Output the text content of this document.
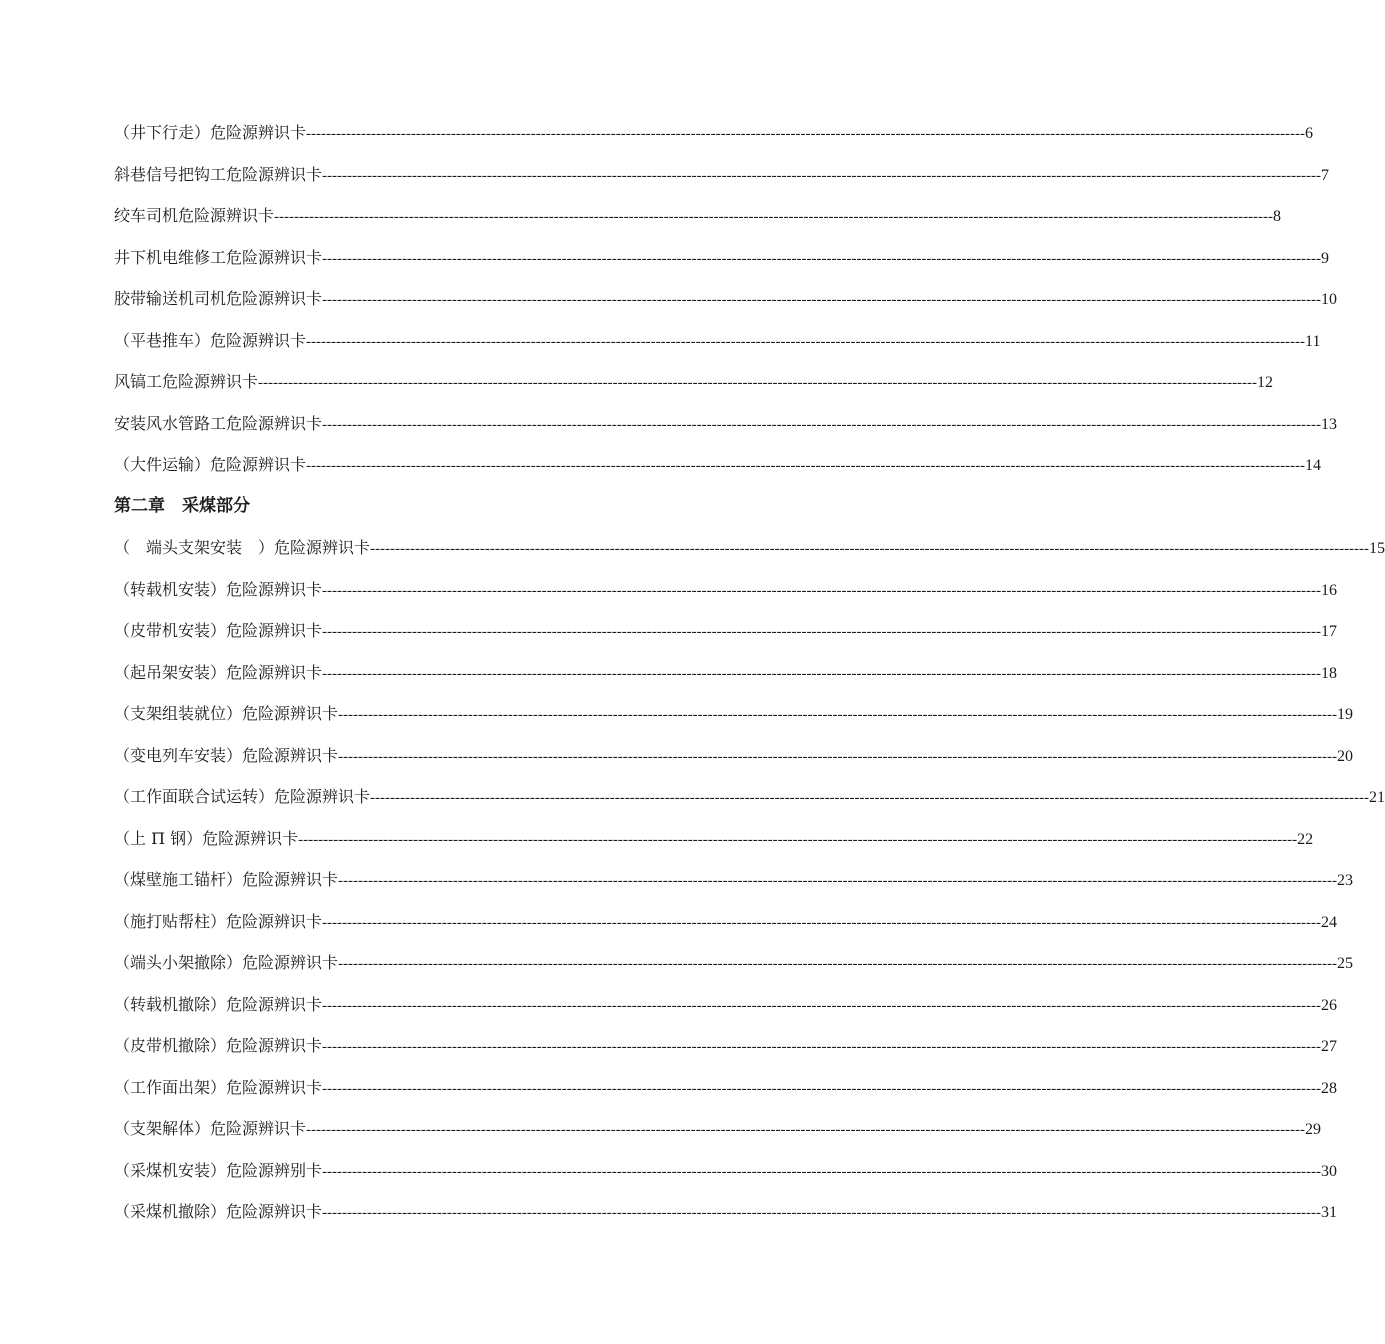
（井下行走）危险源辨识卡 -------------------------------------------------------------------------------------------------------------------------------------------------------------------------------------------------------- 6
斜巷信号把钩工危险源辨识卡 -------------------------------------------------------------------------------------------------------------------------------------------------------------------------------------------------------- 7
绞车司机危险源辨识卡 -------------------------------------------------------------------------------------------------------------------------------------------------------------------------------------------------------- 8
井下机电维修工危险源辨识卡 -------------------------------------------------------------------------------------------------------------------------------------------------------------------------------------------------------- 9
胶带输送机司机危险源辨识卡 -------------------------------------------------------------------------------------------------------------------------------------------------------------------------------------------------------- 10
（平巷推车）危险源辨识卡 -------------------------------------------------------------------------------------------------------------------------------------------------------------------------------------------------------- 11
风镐工危险源辨识卡 -------------------------------------------------------------------------------------------------------------------------------------------------------------------------------------------------------- 12
安装风水管路工危险源辨识卡 -------------------------------------------------------------------------------------------------------------------------------------------------------------------------------------------------------- 13
（大件运输）危险源辨识卡 -------------------------------------------------------------------------------------------------------------------------------------------------------------------------------------------------------- 14
第二章　采煤部分
（　端头支架安装　）危险源辨识卡 -------------------------------------------------------------------------------------------------------------------------------------------------------------------------------------------------------- 15
（转载机安装）危险源辨识卡 -------------------------------------------------------------------------------------------------------------------------------------------------------------------------------------------------------- 16
（皮带机安装）危险源辨识卡 -------------------------------------------------------------------------------------------------------------------------------------------------------------------------------------------------------- 17
（起吊架安装）危险源辨识卡 -------------------------------------------------------------------------------------------------------------------------------------------------------------------------------------------------------- 18
（支架组装就位）危险源辨识卡 -------------------------------------------------------------------------------------------------------------------------------------------------------------------------------------------------------- 19
（变电列车安装）危险源辨识卡 -------------------------------------------------------------------------------------------------------------------------------------------------------------------------------------------------------- 20
（工作面联合试运转）危险源辨识卡 -------------------------------------------------------------------------------------------------------------------------------------------------------------------------------------------------------- 21
（上 Π 钢）危险源辨识卡 -------------------------------------------------------------------------------------------------------------------------------------------------------------------------------------------------------- 22
（煤壁施工锚杆）危险源辨识卡 -------------------------------------------------------------------------------------------------------------------------------------------------------------------------------------------------------- 23
（施打贴帮柱）危险源辨识卡 -------------------------------------------------------------------------------------------------------------------------------------------------------------------------------------------------------- 24
（端头小架撤除）危险源辨识卡 -------------------------------------------------------------------------------------------------------------------------------------------------------------------------------------------------------- 25
（转载机撤除）危险源辨识卡 -------------------------------------------------------------------------------------------------------------------------------------------------------------------------------------------------------- 26
（皮带机撤除）危险源辨识卡 -------------------------------------------------------------------------------------------------------------------------------------------------------------------------------------------------------- 27
（工作面出架）危险源辨识卡 -------------------------------------------------------------------------------------------------------------------------------------------------------------------------------------------------------- 28
（支架解体）危险源辨识卡 -------------------------------------------------------------------------------------------------------------------------------------------------------------------------------------------------------- 29
（采煤机安装）危险源辨别卡 -------------------------------------------------------------------------------------------------------------------------------------------------------------------------------------------------------- 30
（采煤机撤除）危险源辨识卡 -------------------------------------------------------------------------------------------------------------------------------------------------------------------------------------------------------- 31
